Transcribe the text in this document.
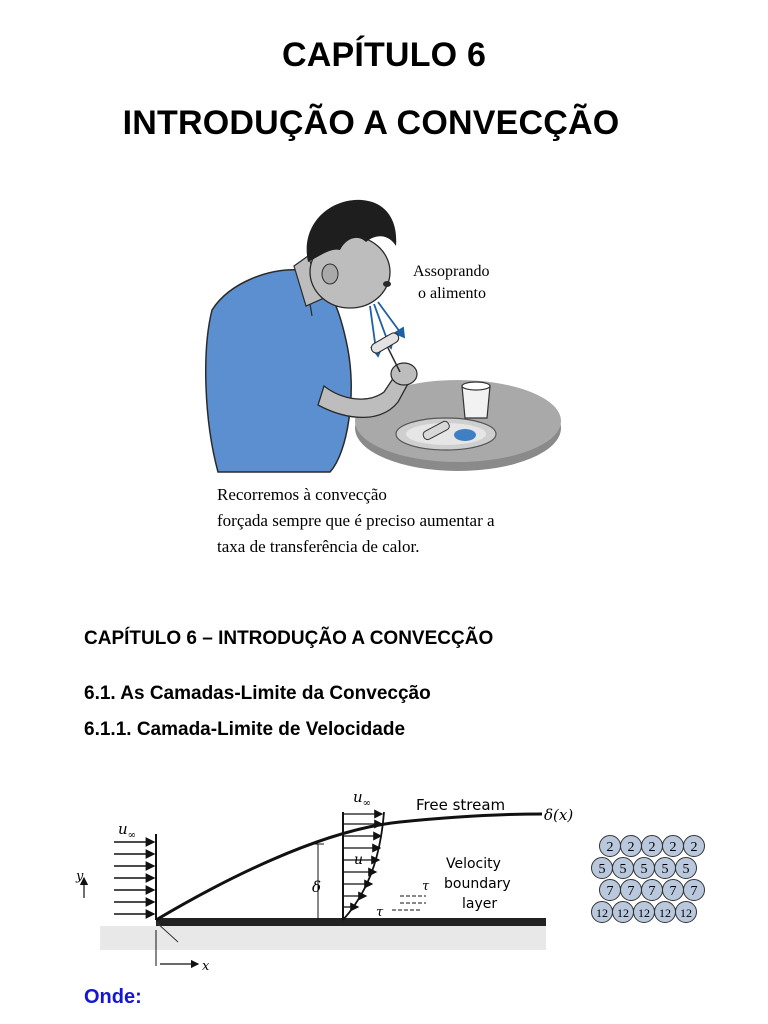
CAPÍTULO 6
INTRODUÇÃO A CONVECÇÃO
Assoprando
o alimento
Recorremos à convecção
forçada sempre que é preciso aumentar a
taxa de transferência de calor.
CAPÍTULO 6 – INTRODUÇÃO A CONVECÇÃO
6.1. As Camadas-Limite da Convecção
6.1.1. Camada-Limite de Velocidade
$u_\infty$
δ(x)
$u_\infty$
u
δ	τ
τ
Free stream
Velocity
boundary
layer
y
x
2 2 2 2 2
5 5 5 5 5
7 7 7 7 7
12 12 12 12 12
Onde:
